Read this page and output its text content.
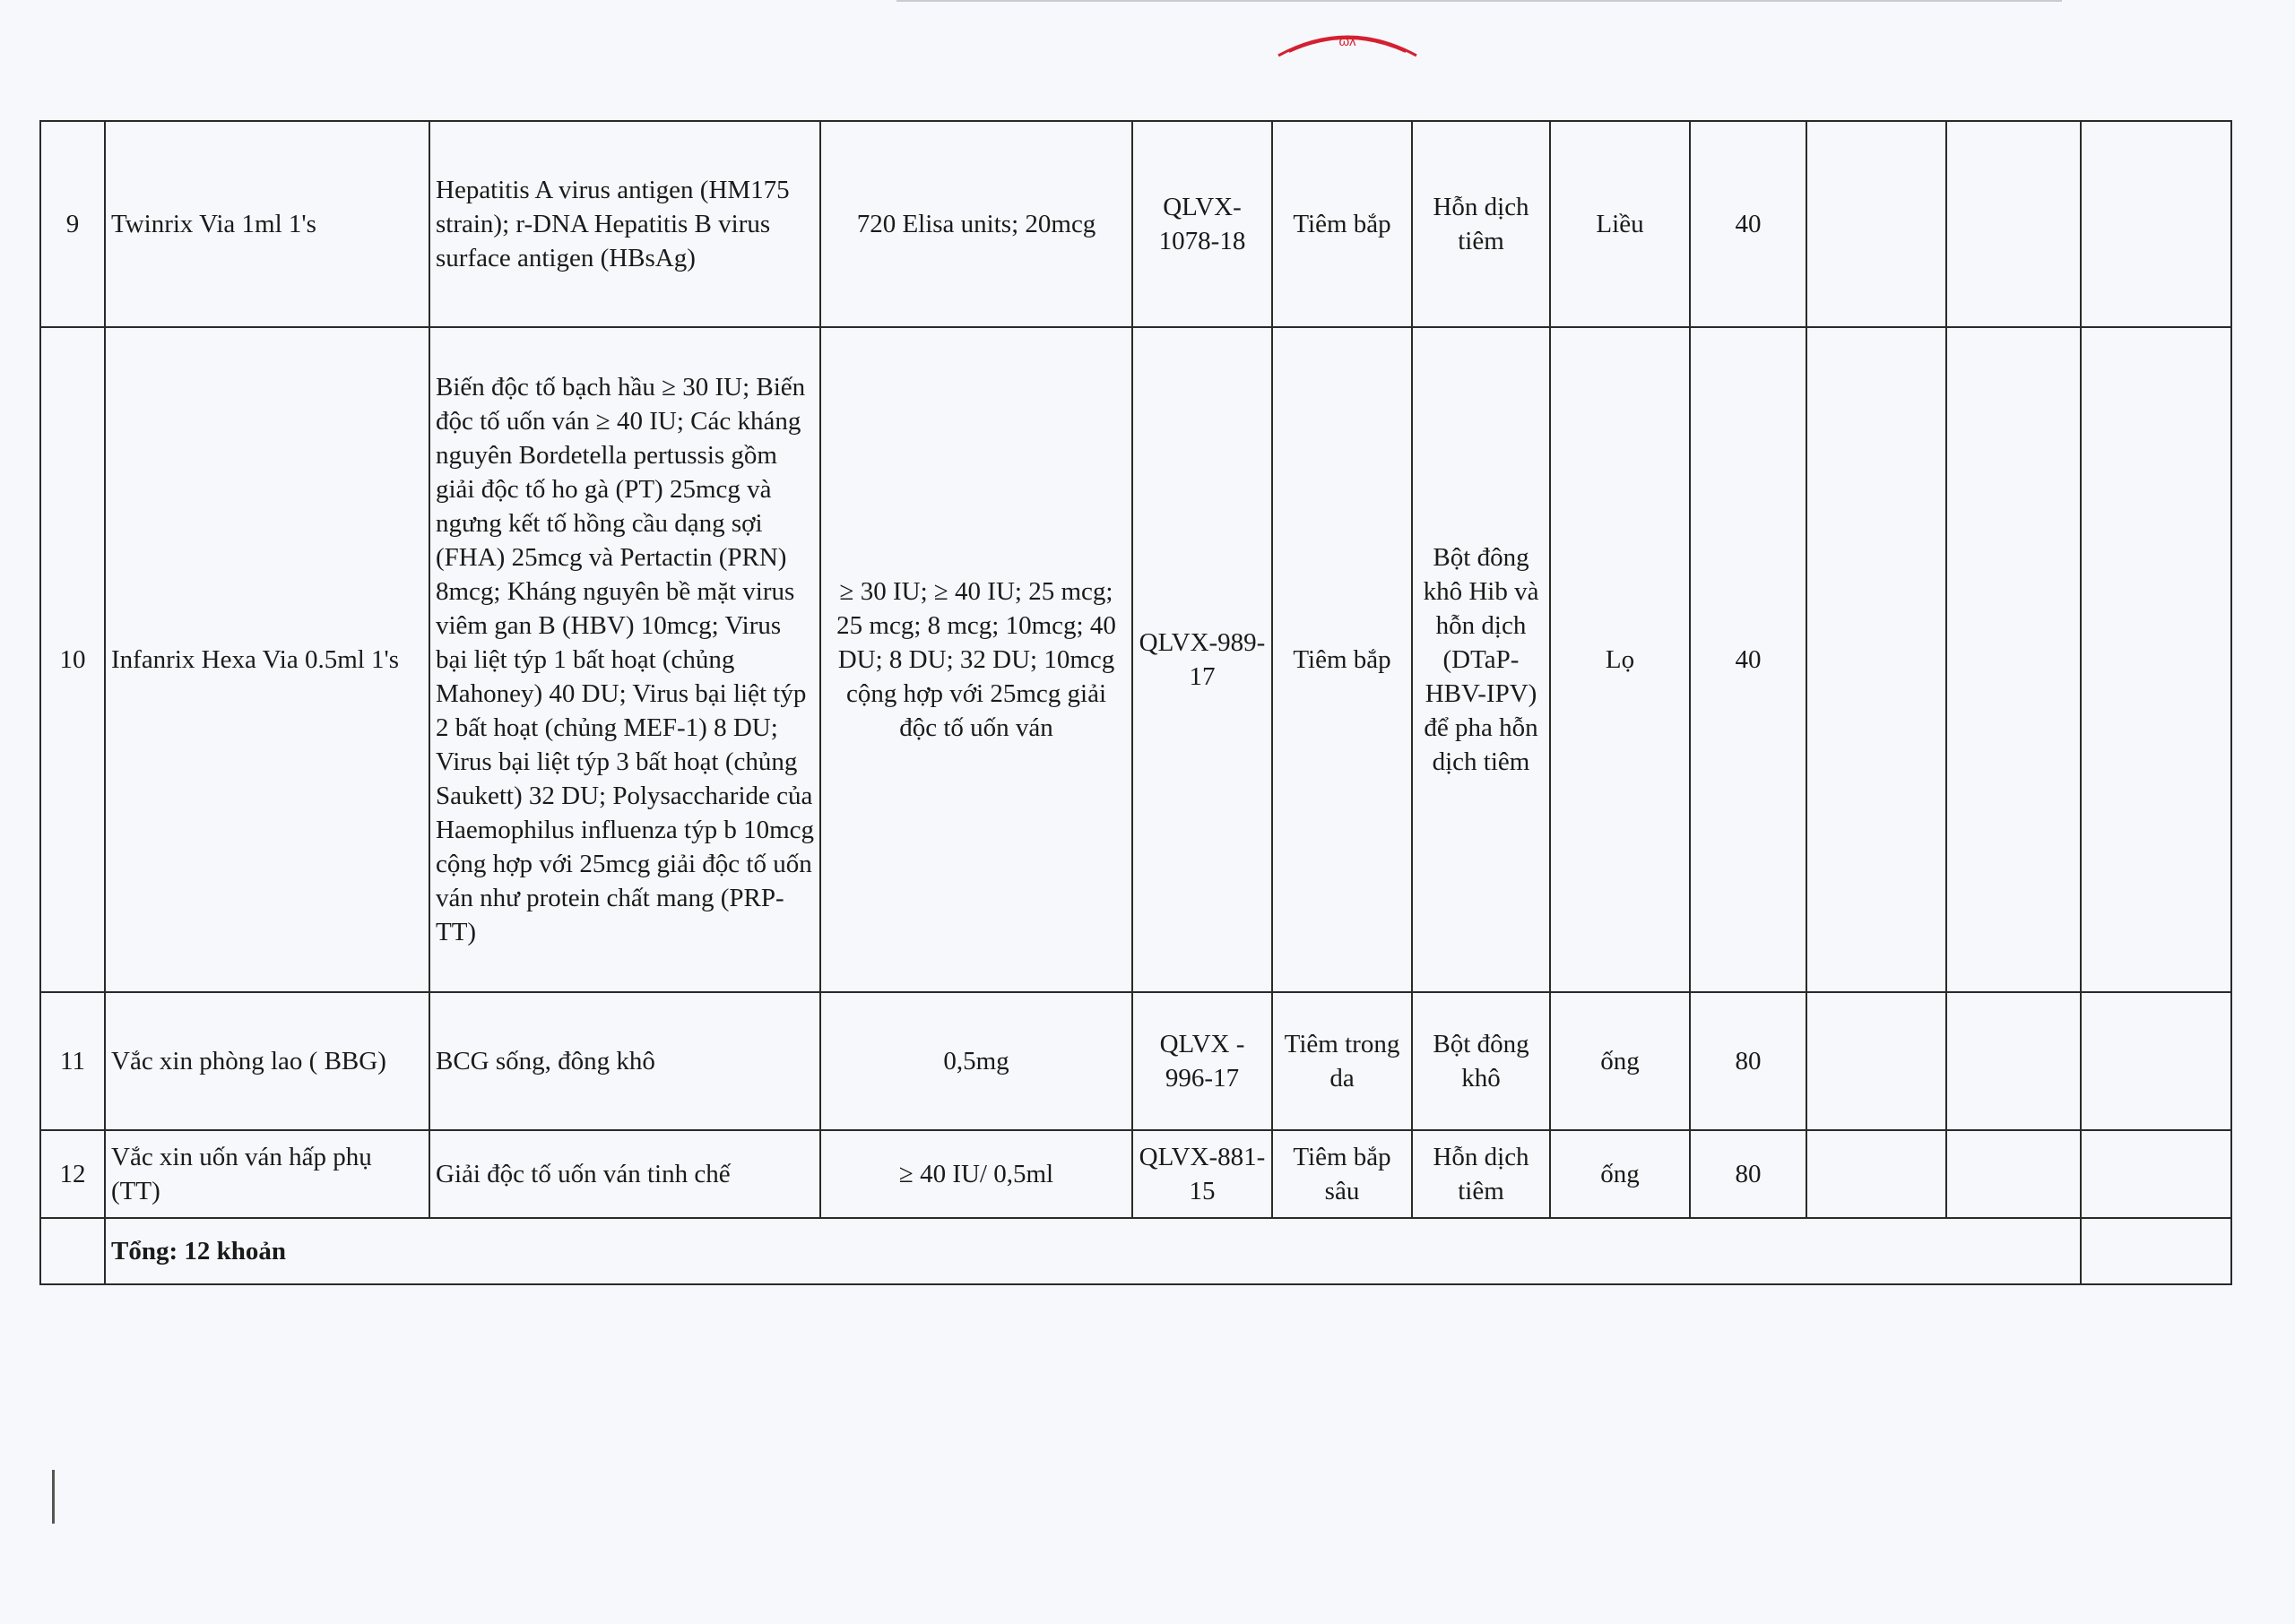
ωλ
9	Twinrix Via 1ml 1's	Hepatitis A virus antigen (HM175 strain); r-DNA Hepatitis B virus surface antigen (HBsAg)	720 Elisa units; 20mcg	QLVX-1078-18	Tiêm bắp	Hỗn dịch tiêm	Liều	40			
10	Infanrix Hexa Via 0.5ml 1's	Biến độc tố bạch hầu ≥ 30 IU; Biến độc tố uốn ván ≥ 40 IU; Các kháng nguyên Bordetella pertussis gồm giải độc tố ho gà (PT) 25mcg và ngưng kết tố hồng cầu dạng sợi (FHA) 25mcg và Pertactin (PRN) 8mcg; Kháng nguyên bề mặt virus viêm gan B (HBV) 10mcg; Virus bại liệt týp 1 bất hoạt (chủng Mahoney) 40 DU; Virus bại liệt týp 2 bất hoạt (chủng MEF-1) 8 DU; Virus bại liệt týp 3 bất hoạt (chủng Saukett) 32 DU; Polysaccharide của Haemophilus influenza týp b 10mcg cộng hợp với 25mcg giải độc tố uốn ván như protein chất mang (PRP-TT)	≥ 30 IU; ≥ 40 IU; 25 mcg; 25 mcg; 8 mcg; 10mcg; 40 DU; 8 DU; 32 DU; 10mcg cộng hợp với 25mcg giải độc tố uốn ván	QLVX-989-17	Tiêm bắp	Bột đông khô Hib và hỗn dịch (DTaP-HBV-IPV) để pha hỗn dịch tiêm	Lọ	40			
11	Vắc xin phòng lao ( BBG)	BCG sống, đông khô	0,5mg	QLVX - 996-17	Tiêm trong da	Bột đông khô	ống	80			
12	Vắc xin uốn ván hấp phụ (TT)	Giải độc tố uốn ván tinh chế	≥ 40 IU/ 0,5ml	QLVX-881-15	Tiêm bắp sâu	Hỗn dịch tiêm	ống	80			
	Tổng: 12 khoản										
